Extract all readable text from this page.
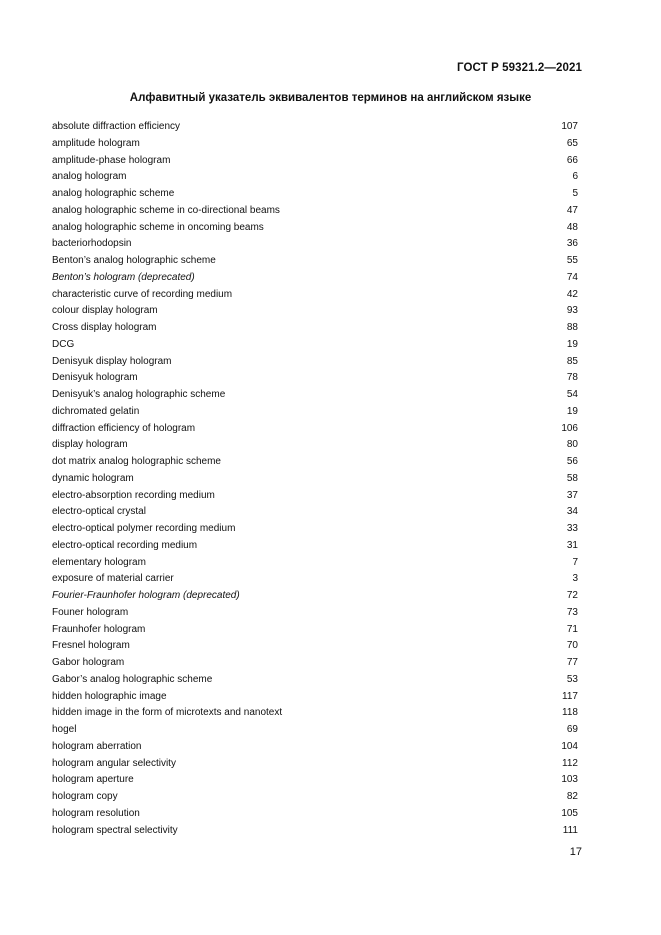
ГОСТ Р 59321.2—2021
Алфавитный указатель эквивалентов терминов на английском языке
absolute diffraction efficiency	107
amplitude hologram	65
amplitude-phase hologram	66
analog hologram	6
analog holographic scheme	5
analog holographic scheme in co-directional beams	47
analog holographic scheme in oncoming beams	48
bacteriorhodopsin	36
Benton’s analog holographic scheme	55
Benton’s hologram (deprecated)	74
characteristic curve of recording medium	42
colour display hologram	93
Cross display hologram	88
DCG	19
Denisyuk display hologram	85
Denisyuk hologram	78
Denisyuk’s analog holographic scheme	54
dichromated gelatin	19
diffraction efficiency of hologram	106
display hologram	80
dot matrix analog holographic scheme	56
dynamic hologram	58
electro-absorption recording medium	37
electro-optical crystal	34
electro-optical polymer recording medium	33
electro-optical recording medium	31
elementary hologram	7
exposure of material carrier	3
Fourier-Fraunhofer hologram (deprecated)	72
Founer hologram	73
Fraunhofer hologram	71
Fresnel hologram	70
Gabor hologram	77
Gabor’s analog holographic scheme	53
hidden holographic image	117
hidden image in the form of microtexts and nanotext	118
hogel	69
hologram aberration	104
hologram angular selectivity	112
hologram aperture	103
hologram copy	82
hologram resolution	105
hologram spectral selectivity	111
17
